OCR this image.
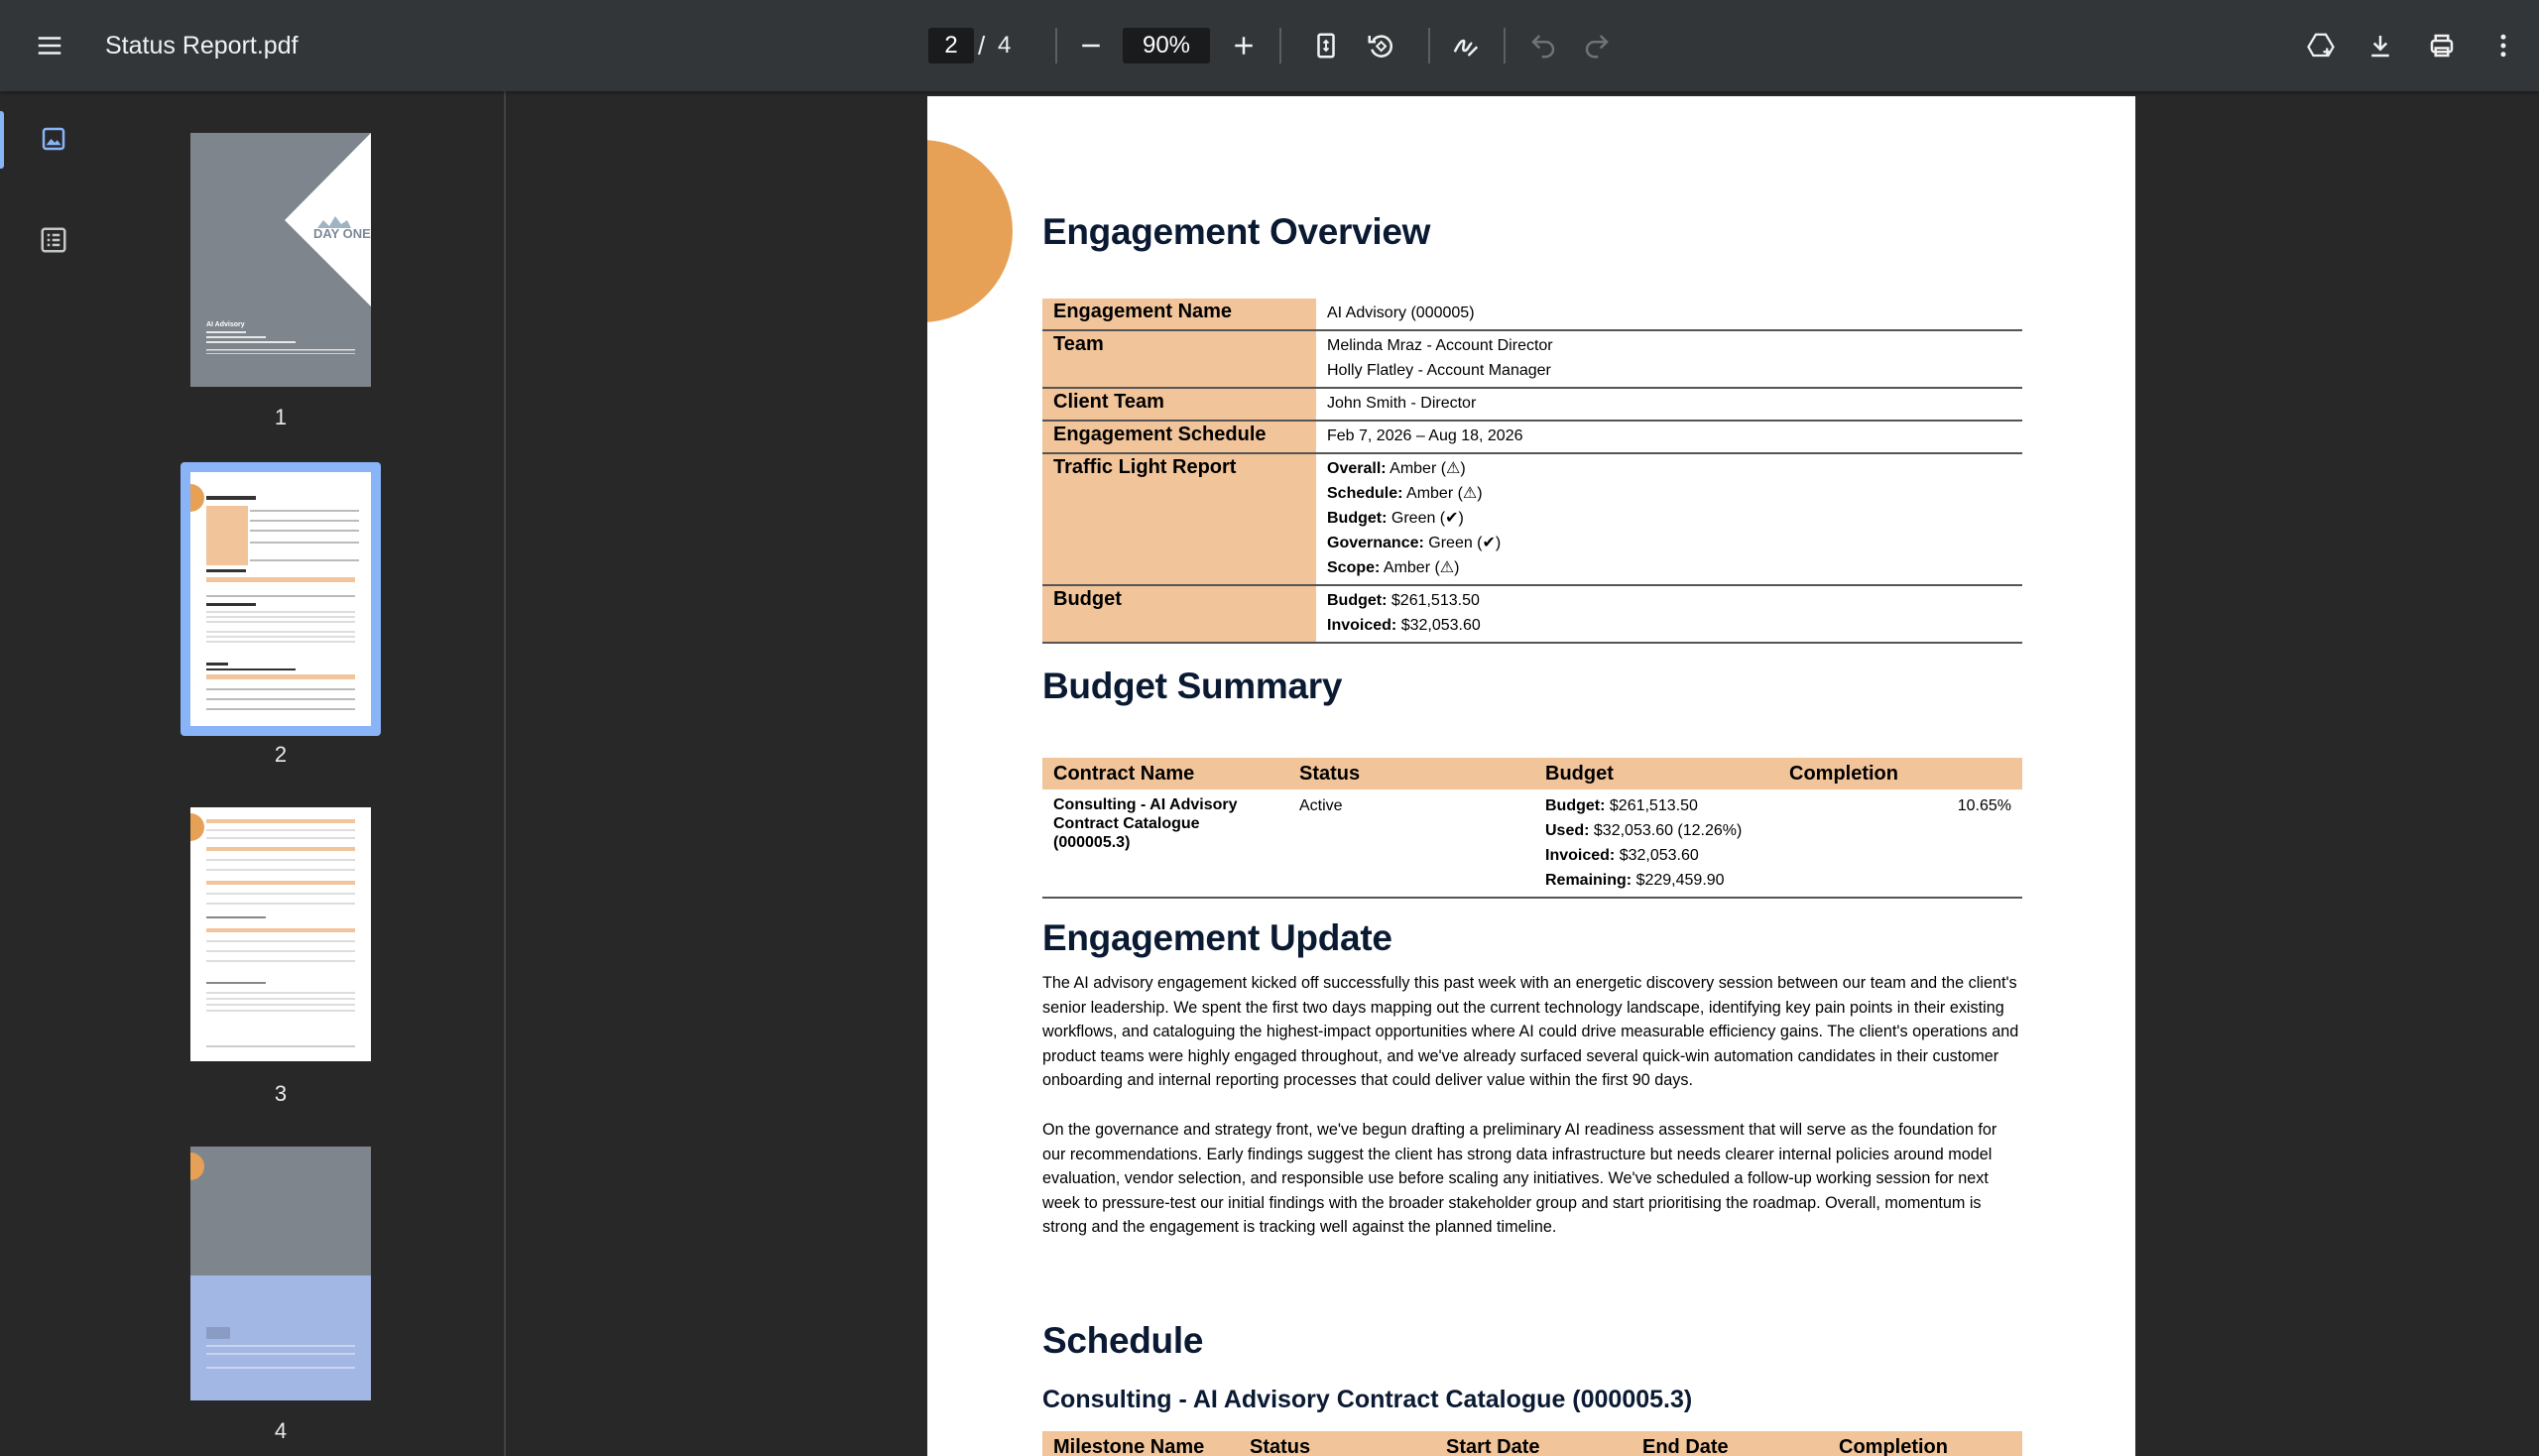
Status Report.pdf	2 / 4	90%
DAY ONE
AI Advisory
1
2
3
4
Engagement Overview
Engagement Name	AI Advisory (000005)

Team	Melinda Mraz - Account Director
Holly Flatley - Account Manager

Client Team	John Smith - Director

Engagement Schedule	Feb 7, 2026 – Aug 18, 2026

Traffic Light Report	Overall: Amber (⚠)
Schedule: Amber (⚠)
Budget: Green (✔)
Governance: Green (✔)
Scope: Amber (⚠)

Budget	Budget: $261,513.50
Invoiced: $32,053.60
Budget Summary
Contract Name	Status	Budget	Completion
Consulting - AI Advisory Contract Catalogue (000005.3)	Active	Budget: $261,513.50
Used: $32,053.60 (12.26%)
Invoiced: $32,053.60
Remaining: $229,459.90	10.65%
Engagement Update
The AI advisory engagement kicked off successfully this past week with an energetic discovery session between our team and the client's senior leadership. We spent the first two days mapping out the current technology landscape, identifying key pain points in their existing workflows, and cataloguing the highest-impact opportunities where AI could drive measurable efficiency gains. The client's operations and product teams were highly engaged throughout, and we've already surfaced several quick-win automation candidates in their customer onboarding and internal reporting processes that could deliver value within the first 90 days.
On the governance and strategy front, we've begun drafting a preliminary AI readiness assessment that will serve as the foundation for our recommendations. Early findings suggest the client has strong data infrastructure but needs clearer internal policies around model evaluation, vendor selection, and responsible use before scaling any initiatives. We've scheduled a follow-up working session for next week to pressure-test our initial findings with the broader stakeholder group and start prioritising the roadmap. Overall, momentum is strong and the engagement is tracking well against the planned timeline.
Schedule
Consulting - AI Advisory Contract Catalogue (000005.3)
Milestone Name	Status	Start Date	End Date	Completion
